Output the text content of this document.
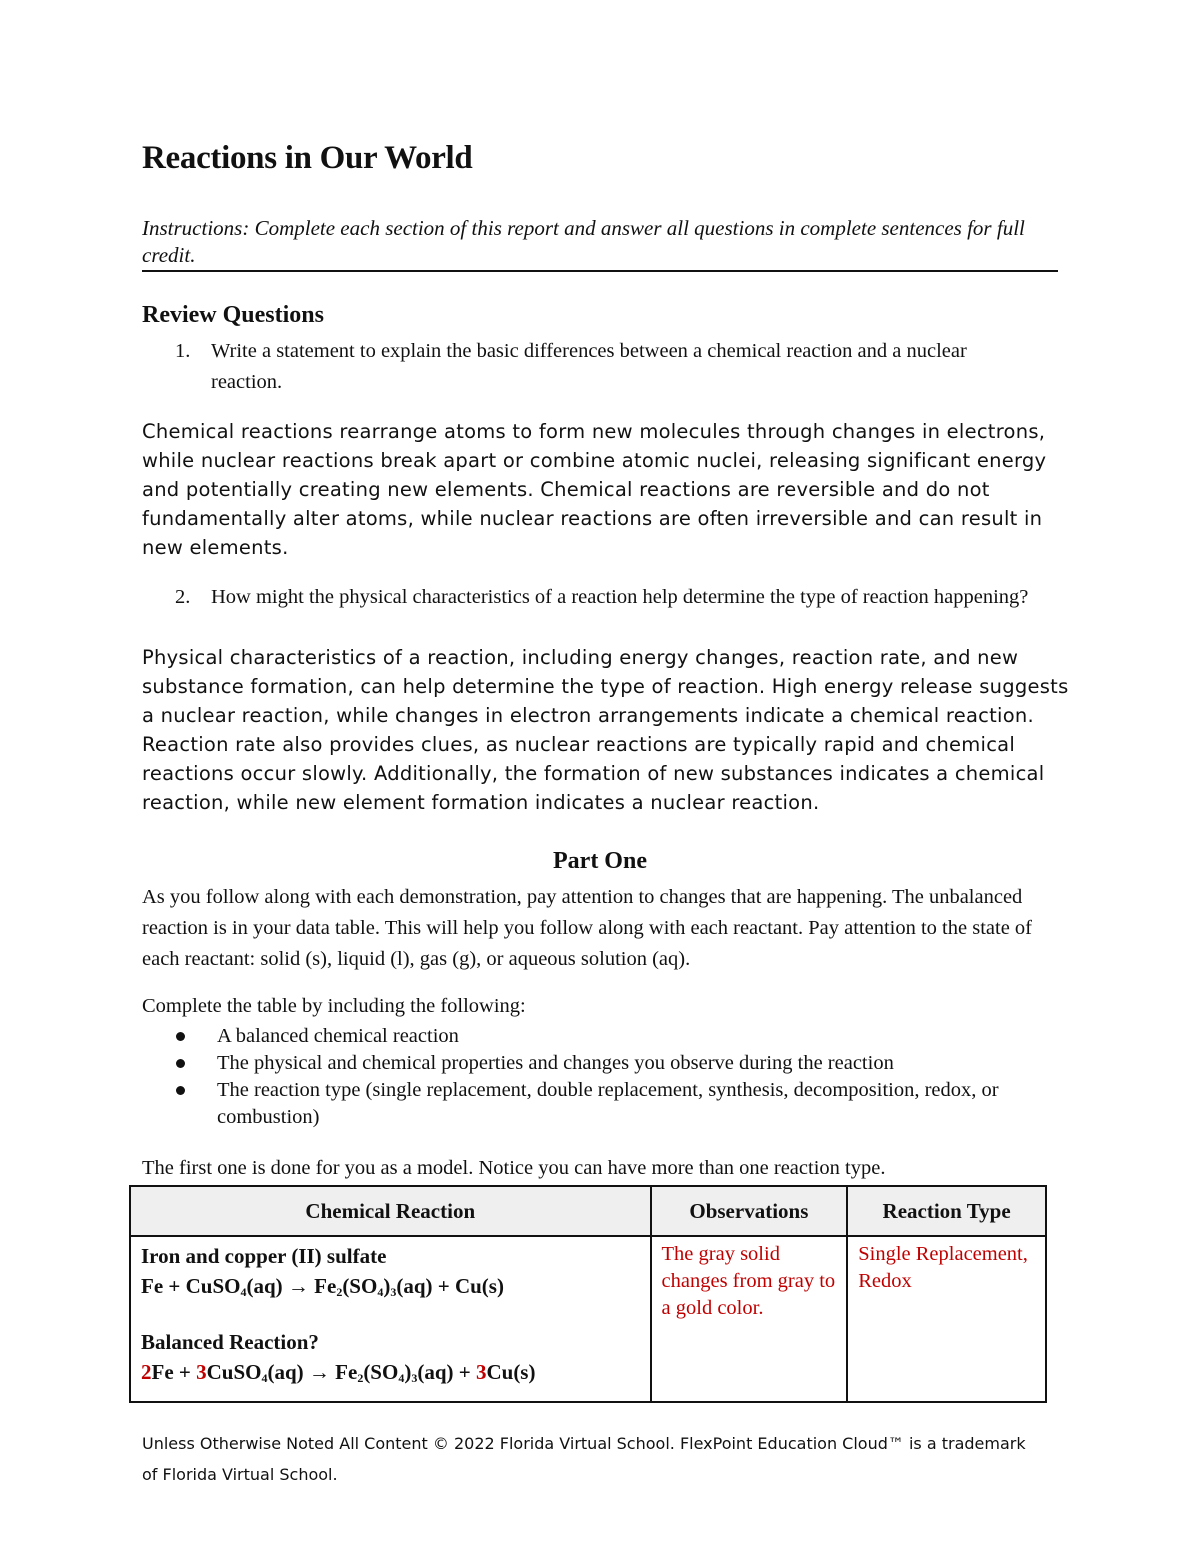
Reactions in Our World

Instructions: Complete each section of this report and answer all questions in complete sentences for full credit.

Review Questions

1. Write a statement to explain the basic differences between a chemical reaction and a nuclear reaction.

Chemical reactions rearrange atoms to form new molecules through changes in electrons, while nuclear reactions break apart or combine atomic nuclei, releasing significant energy and potentially creating new elements. Chemical reactions are reversible and do not fundamentally alter atoms, while nuclear reactions are often irreversible and can result in new elements.

2. How might the physical characteristics of a reaction help determine the type of reaction happening?

Physical characteristics of a reaction, including energy changes, reaction rate, and new substance formation, can help determine the type of reaction. High energy release suggests a nuclear reaction, while changes in electron arrangements indicate a chemical reaction. Reaction rate also provides clues, as nuclear reactions are typically rapid and chemical reactions occur slowly. Additionally, the formation of new substances indicates a chemical reaction, while new element formation indicates a nuclear reaction.

Part One

As you follow along with each demonstration, pay attention to changes that are happening. The unbalanced reaction is in your data table. This will help you follow along with each reactant. Pay attention to the state of each reactant: solid (s), liquid (l), gas (g), or aqueous solution (aq).

Complete the table by including the following:

A balanced chemical reaction
The physical and chemical properties and changes you observe during the reaction
The reaction type (single replacement, double replacement, synthesis, decomposition, redox, or combustion)

The first one is done for you as a model. Notice you can have more than one reaction type.

Chemical Reaction	Observations	Reaction Type

Iron and copper (II) sulfate
Fe + CuSO$_4$(aq) → $Fe_2(SO_4)_3(aq) + Cu(s)$
Balanced Reaction?
2Fe + 3CuSO$_4$(aq) → $Fe_2(SO_4)_3(aq) + 3Cu(s)$	The gray solid changes from gray to a gold color.	Single Replacement, Redox

Unless Otherwise Noted All Content © 2022 Florida Virtual School. FlexPoint Education Cloud™ is a trademark of Florida Virtual School.
